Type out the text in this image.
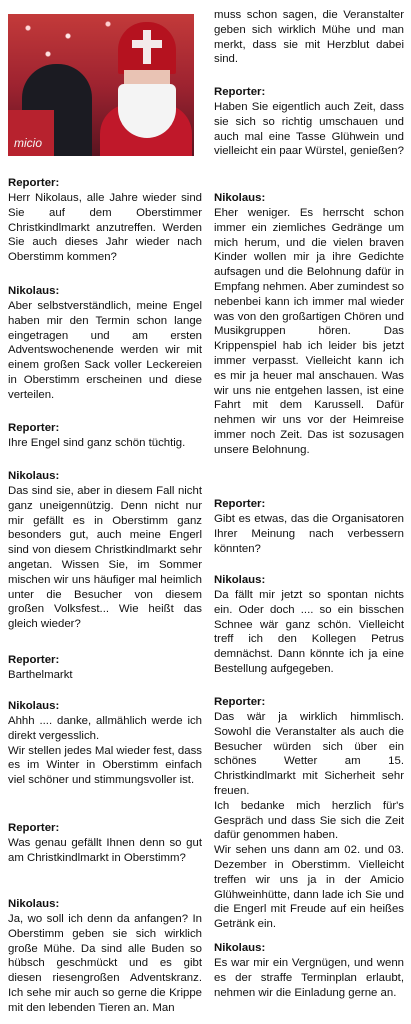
micio

Reporter:

Herr Nikolaus, alle Jahre wieder sind Sie auf dem Oberstimmer Christkindlmarkt anzutreffen. Werden Sie auch dieses Jahr wieder nach Oberstimm kommen?

Nikolaus:

Aber selbstverständlich, meine Engel haben mir den Termin schon lange eingetragen und am ersten Adventswochenende werden wir mit einem großen Sack voller Leckereien in Oberstimm erscheinen und diese verteilen.

Reporter:

Ihre Engel sind ganz schön tüchtig.

Nikolaus:

Das sind sie, aber in diesem Fall nicht ganz uneigennützig. Denn nicht nur mir gefällt es in Oberstimm ganz besonders gut, auch meine Engerl sind von diesem Christkindlmarkt sehr angetan. Wissen Sie, im Sommer mischen wir uns häufiger mal heimlich unter die Besucher von diesem großen Volksfest... Wie heißt das gleich wieder?

Reporter:

Barthelmarkt

Nikolaus:

Ahhh .... danke, allmählich werde ich direkt vergesslich.

Wir stellen jedes Mal wieder fest, dass es im Winter in Oberstimm einfach viel schöner und stimmungsvoller ist.

Reporter:

Was genau gefällt Ihnen denn so gut am Christkindlmarkt in Oberstimm?

Nikolaus:

Ja, wo soll ich denn da anfangen? In Oberstimm geben sie sich wirklich große Mühe. Da sind alle Buden so hübsch geschmückt und es gibt diesen riesengroßen Adventskranz. Ich sehe mir auch so gerne die Krippe mit den lebenden Tieren an. Man

muss schon sagen, die Veranstalter geben sich wirklich Mühe und man merkt, dass sie mit Herzblut dabei sind.

Reporter:

Haben Sie eigentlich auch Zeit, dass sie sich so richtig umschauen und auch mal eine Tasse Glühwein und vielleicht ein paar Würstel, genießen?

Nikolaus:

Eher weniger. Es herrscht schon immer ein ziemliches Gedränge um mich herum, und die vielen braven Kinder wollen mir ja ihre Gedichte aufsagen und die Belohnung dafür in Empfang nehmen. Aber zumindest so nebenbei kann ich immer mal wieder was von den großartigen Chören und Musikgruppen hören. Das Krippenspiel hab ich leider bis jetzt immer verpasst. Vielleicht kann ich es mir ja heuer mal anschauen. Was wir uns nie entgehen lassen, ist eine Fahrt mit dem Karussell. Dafür nehmen wir uns vor der Heimreise immer noch Zeit. Das ist sozusagen unsere Belohnung.

Reporter:

Gibt es etwas, das die Organisatoren Ihrer Meinung nach verbessern könnten?

Nikolaus:

Da fällt mir jetzt so spontan nichts ein. Oder doch .... so ein bisschen Schnee wär ganz schön. Vielleicht treff ich den Kollegen Petrus demnächst. Dann könnte ich ja eine Bestellung aufgegeben.

Reporter:

Das wär ja wirklich himmlisch. Sowohl die Veranstalter als auch die Besucher würden sich über ein schönes Wetter am 15. Christkindlmarkt mit Sicherheit sehr freuen.

Ich bedanke mich herzlich für's Gespräch und dass Sie sich die Zeit dafür genommen haben.

Wir sehen uns dann am 02. und 03. Dezember in Oberstimm. Vielleicht treffen wir uns ja in der Amicio Glühweinhütte, dann lade ich Sie und die Engerl mit Freude auf ein heißes Getränk ein.

Nikolaus:

Es war mir ein Vergnügen, und wenn es der straffe Terminplan erlaubt, nehmen wir die Einladung gerne an.
